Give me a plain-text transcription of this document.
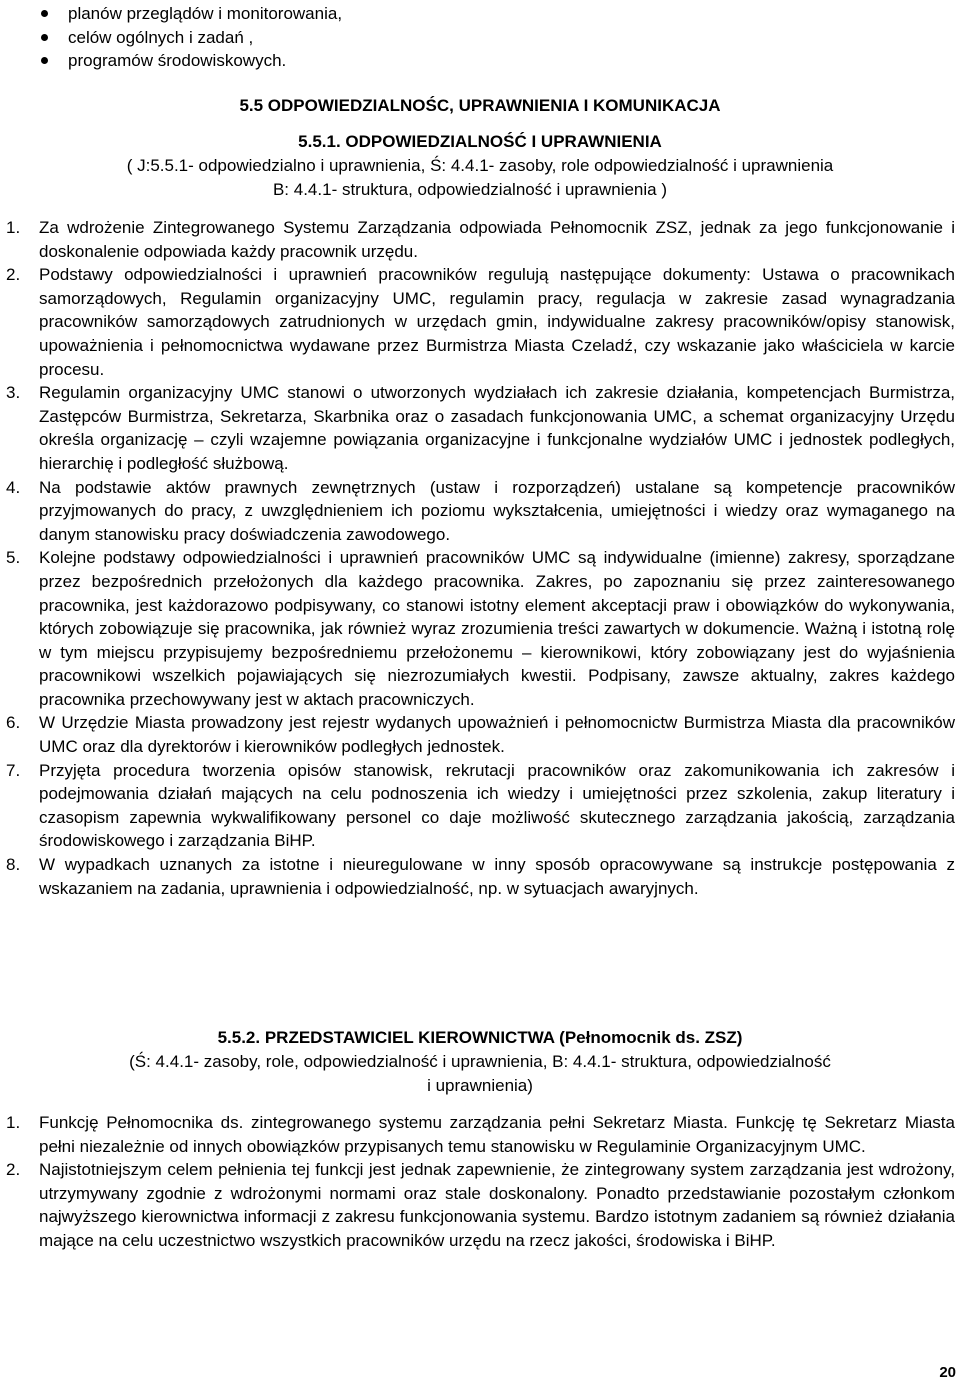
planów przeglądów i monitorowania,
celów ogólnych i zadań ,
programów środowiskowych.
5.5 ODPOWIEDZIALNOŚC, UPRAWNIENIA I KOMUNIKACJA
5.5.1. ODPOWIEDZIALNOŚĆ I UPRAWNIENIA
( J:5.5.1- odpowiedzialno i uprawnienia, Ś: 4.4.1- zasoby, role odpowiedzialność i uprawnienia
B: 4.4.1- struktura, odpowiedzialność i uprawnienia )
1. Za wdrożenie Zintegrowanego Systemu Zarządzania odpowiada Pełnomocnik ZSZ, jednak za jego funkcjonowanie i doskonalenie odpowiada każdy pracownik urzędu.
2. Podstawy odpowiedzialności i uprawnień pracowników regulują następujące dokumenty: Ustawa o pracownikach samorządowych, Regulamin organizacyjny UMC, regulamin pracy, regulacja w zakresie zasad wynagradzania pracowników samorządowych zatrudnionych w urzędach gmin, indywidualne zakresy pracowników/opisy stanowisk, upoważnienia i pełnomocnictwa wydawane przez Burmistrza Miasta Czeladź, czy wskazanie jako właściciela w karcie procesu.
3. Regulamin organizacyjny UMC stanowi o utworzonych wydziałach ich zakresie działania, kompetencjach Burmistrza, Zastępców Burmistrza, Sekretarza, Skarbnika oraz o zasadach funkcjonowania UMC, a schemat organizacyjny Urzędu określa organizację – czyli wzajemne powiązania organizacyjne i funkcjonalne wydziałów UMC i jednostek podległych, hierarchię i podległość służbową.
4. Na podstawie aktów prawnych zewnętrznych (ustaw i rozporządzeń) ustalane są kompetencje pracowników przyjmowanych do pracy, z uwzględnieniem ich poziomu wykształcenia, umiejętności i wiedzy oraz wymaganego na danym stanowisku pracy doświadczenia zawodowego.
5. Kolejne podstawy odpowiedzialności i uprawnień pracowników UMC są indywidualne (imienne) zakresy, sporządzane przez bezpośrednich przełożonych dla każdego pracownika. Zakres, po zapoznaniu się przez zainteresowanego pracownika, jest każdorazowo podpisywany, co stanowi istotny element akceptacji praw i obowiązków do wykonywania, których zobowiązuje się pracownika, jak również wyraz zrozumienia treści zawartych w dokumencie. Ważną i istotną rolę w tym miejscu przypisujemy bezpośredniemu przełożonemu – kierownikowi, który zobowiązany jest do wyjaśnienia pracownikowi wszelkich pojawiających się niezrozumiałych kwestii. Podpisany, zawsze aktualny, zakres każdego pracownika przechowywany jest w aktach pracowniczych.
6. W Urzędzie Miasta prowadzony jest rejestr wydanych upoważnień i pełnomocnictw Burmistrza Miasta dla pracowników UMC oraz dla dyrektorów i kierowników podległych jednostek.
7. Przyjęta procedura tworzenia opisów stanowisk, rekrutacji pracowników oraz zakomunikowania ich zakresów i podejmowania działań mających na celu podnoszenia ich wiedzy i umiejętności przez szkolenia, zakup literatury i czasopism zapewnia wykwalifikowany personel co daje możliwość skutecznego zarządzania jakością, zarządzania środowiskowego i zarządzania BiHP.
8. W wypadkach uznanych za istotne i nieuregulowane w inny sposób opracowywane są instrukcje postępowania z wskazaniem na zadania, uprawnienia i odpowiedzialność, np. w sytuacjach awaryjnych.
5.5.2. PRZEDSTAWICIEL KIEROWNICTWA (Pełnomocnik ds. ZSZ)
(Ś: 4.4.1- zasoby, role, odpowiedzialność i uprawnienia, B: 4.4.1- struktura, odpowiedzialność
i uprawnienia)
1. Funkcję Pełnomocnika ds. zintegrowanego systemu zarządzania pełni Sekretarz Miasta. Funkcję tę Sekretarz Miasta pełni niezależnie od innych obowiązków przypisanych temu stanowisku w Regulaminie Organizacyjnym UMC.
2. Najistotniejszym celem pełnienia tej funkcji jest jednak zapewnienie, że zintegrowany system zarządzania jest wdrożony, utrzymywany zgodnie z wdrożonymi normami oraz stale doskonalony. Ponadto przedstawianie pozostałym członkom najwyższego kierownictwa informacji z zakresu funkcjonowania systemu. Bardzo istotnym zadaniem są również działania mające na celu uczestnictwo wszystkich pracowników urzędu na rzecz jakości, środowiska i BiHP.
20
